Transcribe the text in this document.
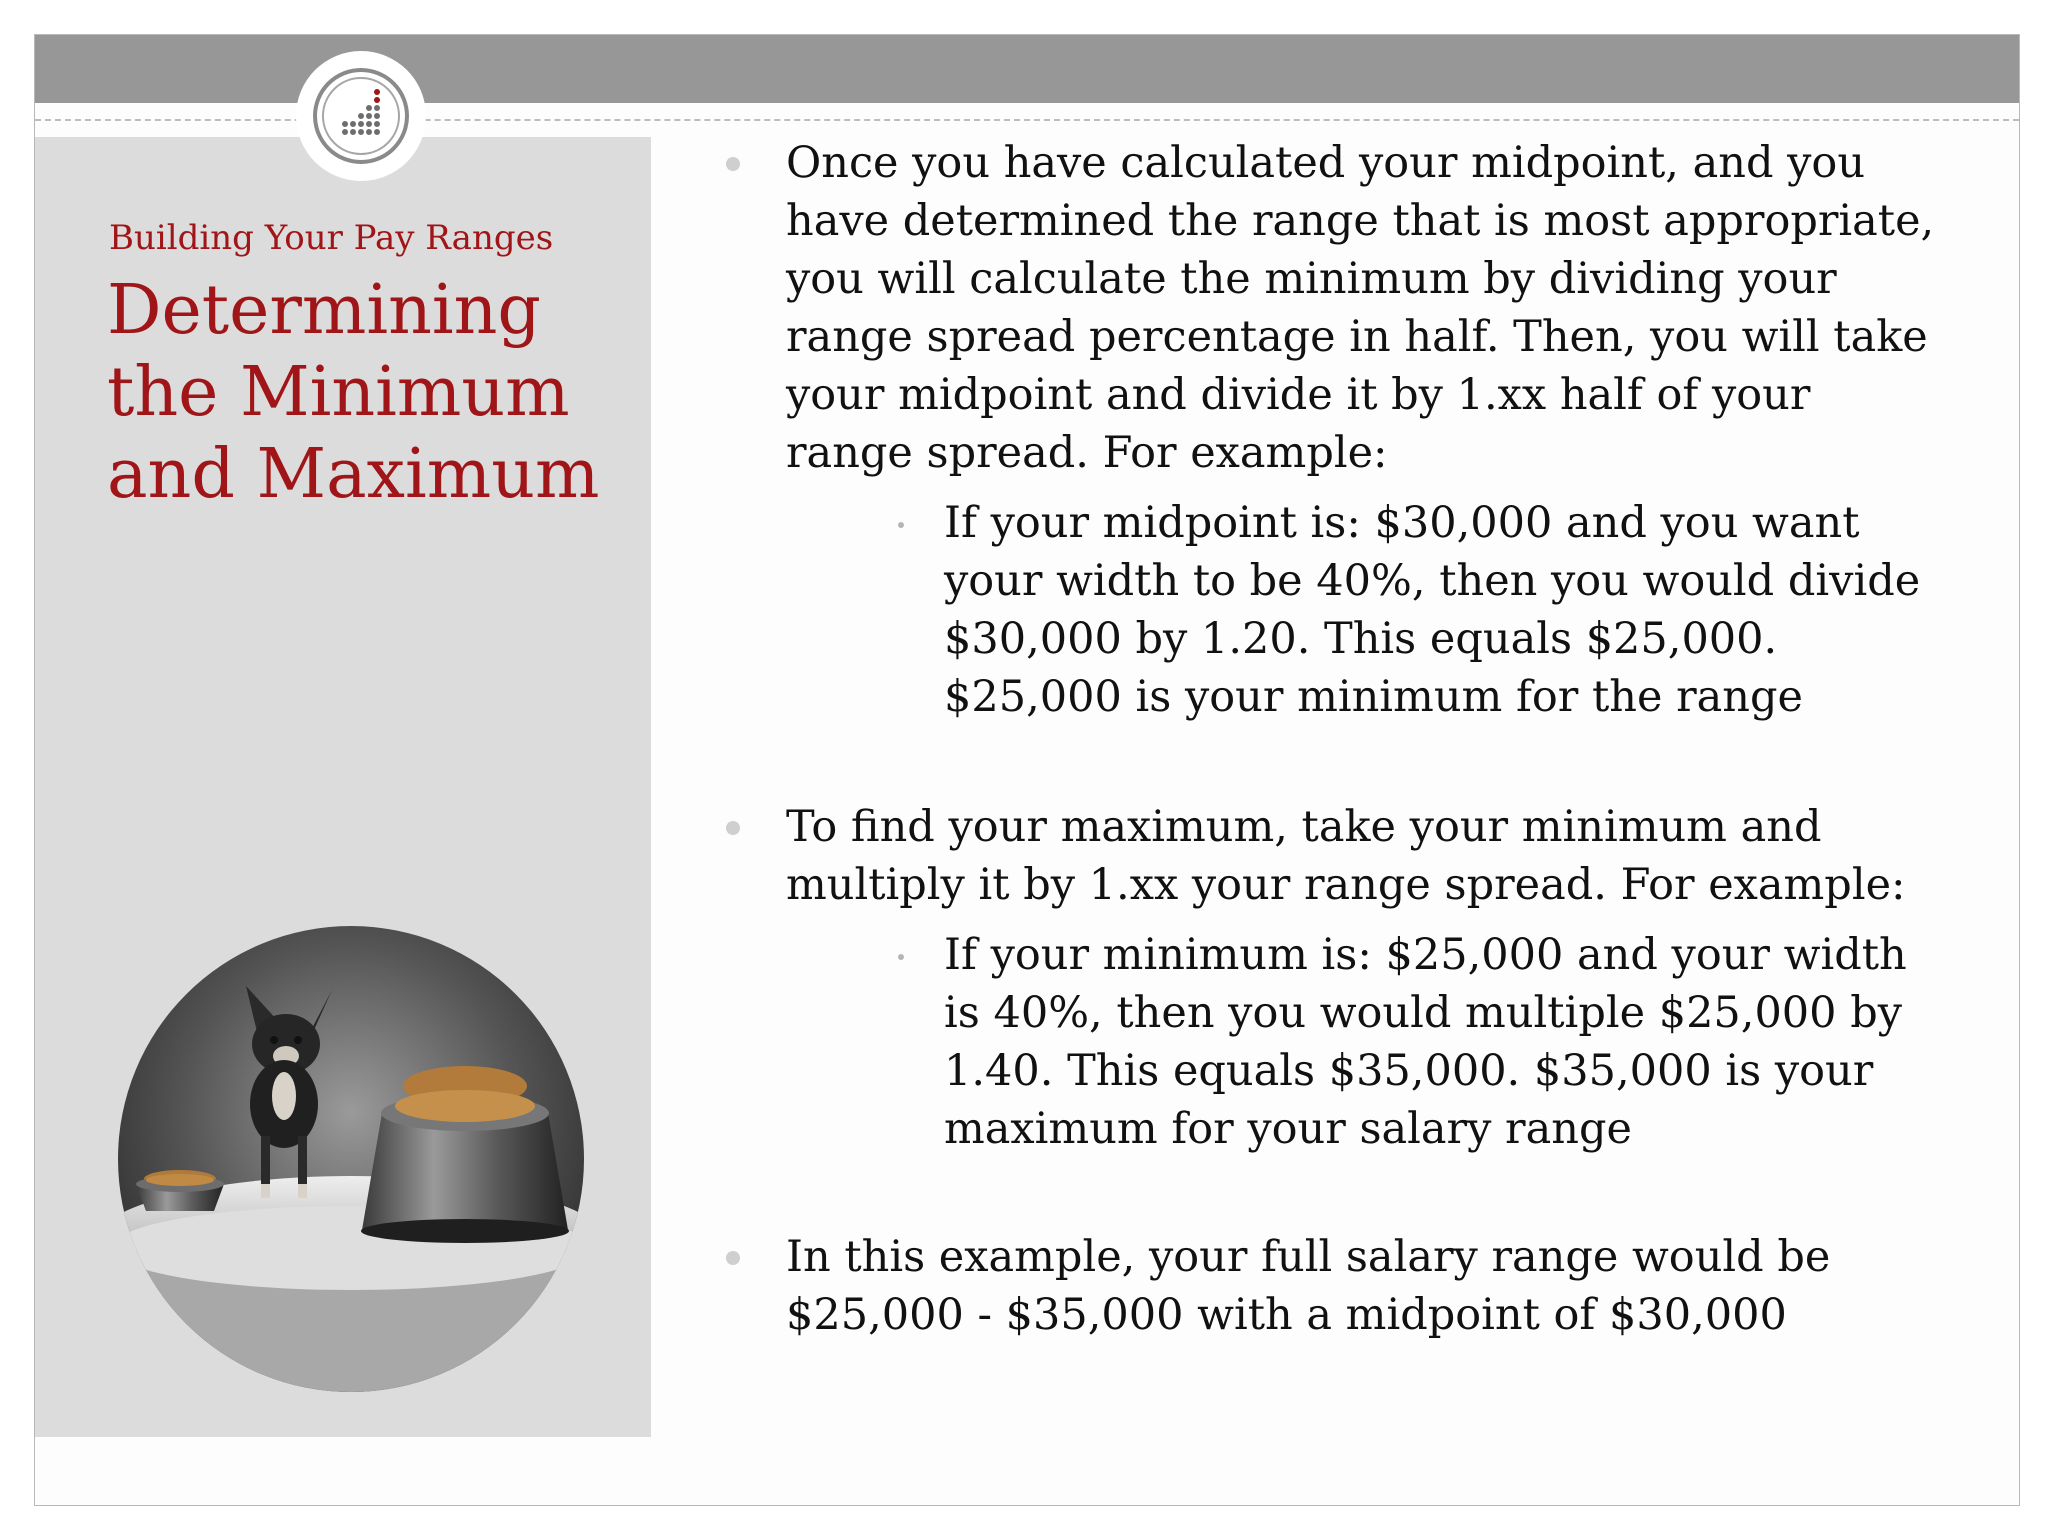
Building Your Pay Ranges
Determining the Minimum and Maximum
Once you have calculated your midpoint, and you have determined the range that is most appropriate, you will calculate the minimum by dividing your range spread percentage in half. Then, you will take your midpoint and divide it by 1.xx half of your range spread. For example:
If your midpoint is: $30,000 and you want your width to be 40%, then you would divide $30,000 by 1.20. This equals $25,000. $25,000 is your minimum for the range
To find your maximum, take your minimum and multiply it by 1.xx your range spread. For example:
If your minimum is: $25,000 and your width is 40%, then you would multiple $25,000 by 1.40. This equals $35,000. $35,000 is your maximum for your salary range
In this example, your full salary range would be $25,000 - $35,000 with a midpoint of $30,000
